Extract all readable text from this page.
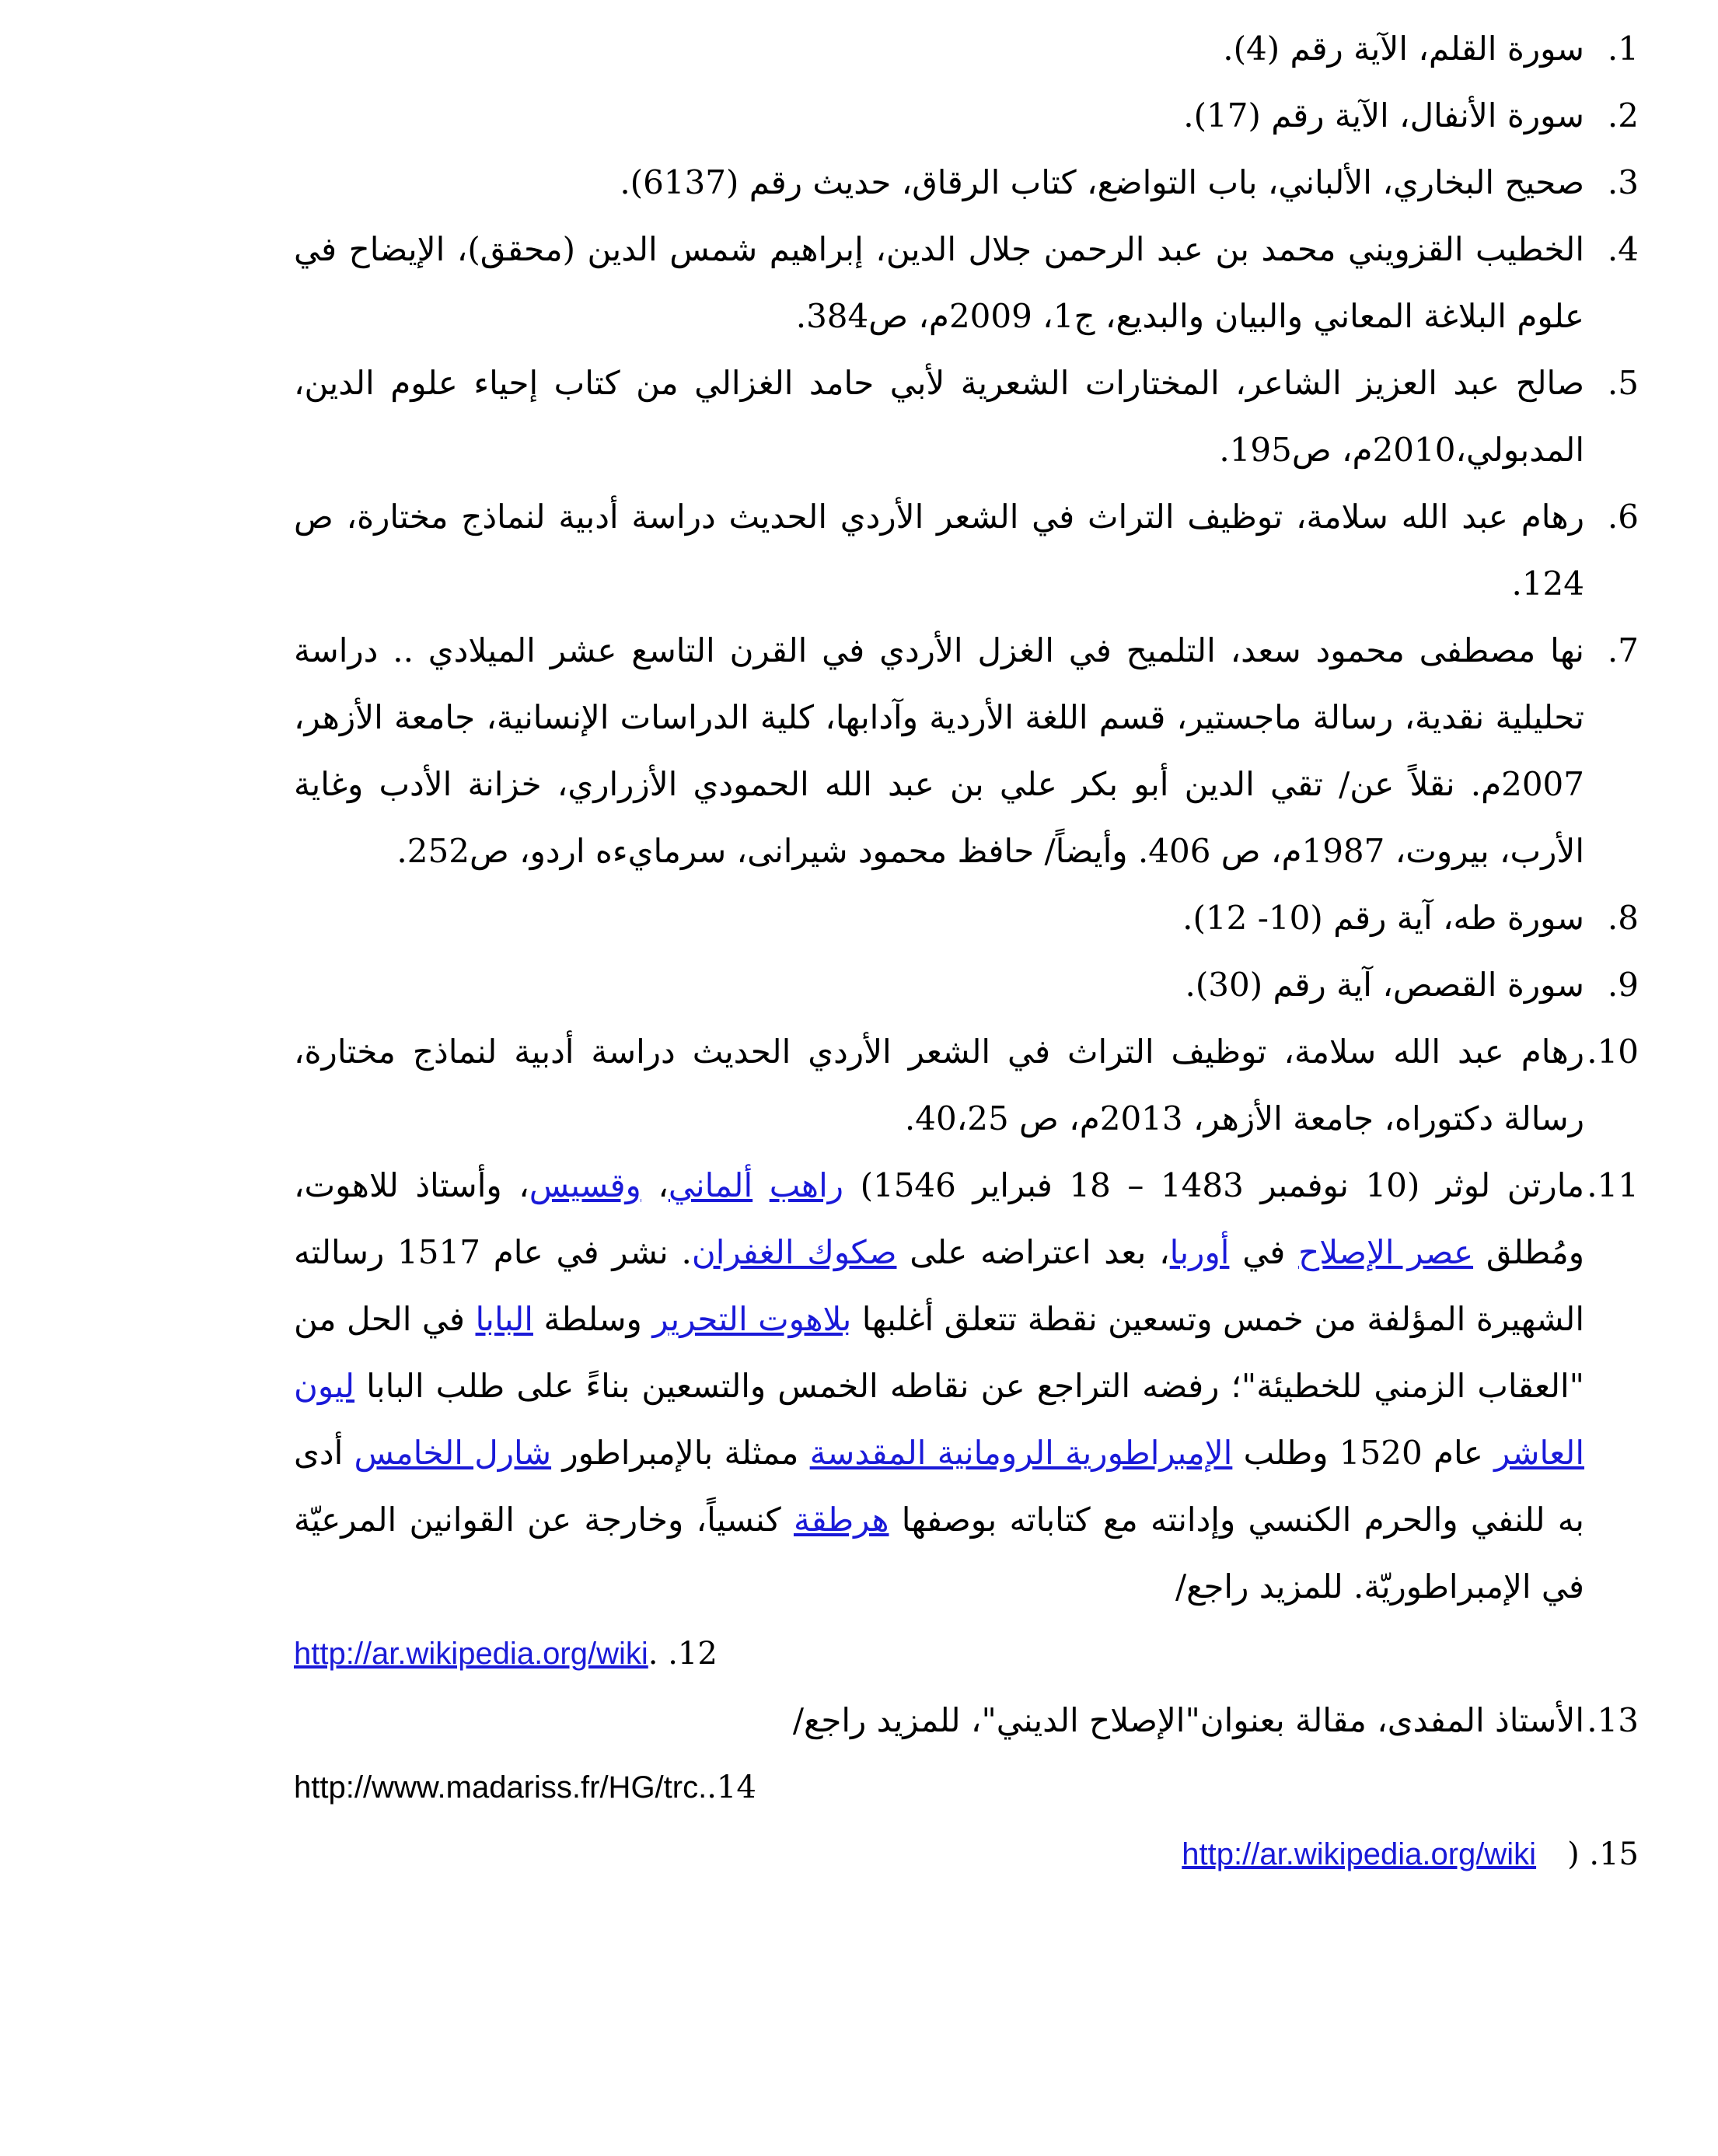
.1
سورة القلم، الآية رقم (4).
.2
سورة الأنفال، الآية رقم (17).
.3
صحيح البخاري، الألباني، باب التواضع، كتاب الرقاق، حديث رقم (6137).
.4
الخطيب القزويني محمد بن عبد الرحمن جلال الدين، إبراهيم شمس الدين (محقق)، الإيضاح في علوم البلاغة المعاني والبيان والبديع، ج1، 2009م، ص384.
.5
صالح عبد العزيز الشاعر، المختارات الشعرية لأبي حامد الغزالي من كتاب إحياء علوم الدين، المدبولي،2010م، ص195.
.6
رهام عبد الله سلامة، توظيف التراث في الشعر الأردي الحديث دراسة أدبية لنماذج مختارة، ص 124.
.7
نها مصطفى محمود سعد، التلميح في الغزل الأردي في القرن التاسع عشر الميلادي .. دراسة تحليلية نقدية، رسالة ماجستير، قسم اللغة الأردية وآدابها، كلية الدراسات الإنسانية، جامعة الأزهر، 2007م. نقلاً عن/ تقي الدين أبو بكر علي بن عبد الله الحمودي الأزراري، خزانة الأدب وغاية الأرب، بيروت، 1987م، ص 406. وأيضاً/ حافظ محمود شيرانى، سرمايءه اردو، ص252.
.8
سورة طه، آية رقم (10- 12).
.9
سورة القصص، آية رقم (30).
.10
رهام عبد الله سلامة، توظيف التراث في الشعر الأردي الحديث دراسة أدبية لنماذج مختارة، رسالة دكتوراه، جامعة الأزهر، 2013م، ص 40،25.
.11
مارتن لوثر (10 نوفمبر 1483 – 18 فبراير 1546) راهب ألماني، وقسيس، وأستاذ للاهوت، ومُطلق عصر الإصلاح في أوربا، بعد اعتراضه على صكوك الغفران. نشر في عام 1517 رسالته الشهيرة المؤلفة من خمس وتسعين نقطة تتعلق أغلبها بلاهوت التحرير وسلطة البابا في الحل من "العقاب الزمني للخطيئة"؛ رفضه التراجع عن نقاطه الخمس والتسعين بناءً على طلب البابا ليون العاشر عام 1520 وطلب الإمبراطورية الرومانية المقدسة ممثلة بالإمبراطور شارل الخامس أدى به للنفي والحرم الكنسي وإدانته مع كتاباته بوصفها هرطقة كنسياً، وخارجة عن القوانين المرعيّة في الإمبراطوريّة. للمزيد راجع/
http://ar.wikipedia.org/wiki. .12
.13
الأستاذ المفدى، مقالة بعنوان"الإصلاح الديني"، للمزيد راجع/
http://www.madariss.fr/HG/trc..14
http://ar.wikipedia.org/wiki ) .15
